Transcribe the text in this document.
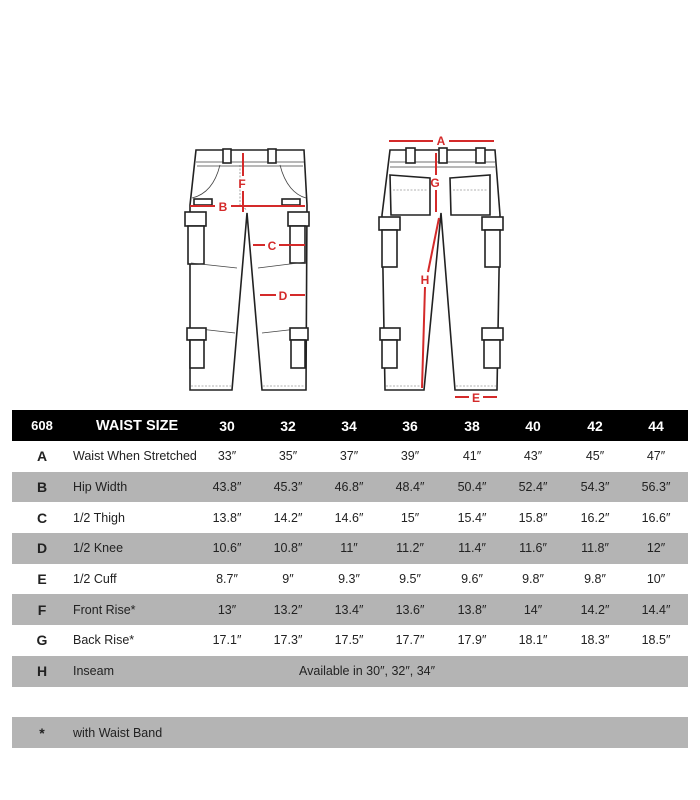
A
B
C
D
E
F	G
H
608	WAIST SIZE	30	32	34	36	38	40	42	44
A	Waist When Stretched	33″	35″	37″	39″	41″	43″	45″	47″
B	Hip Width	43.8″	45.3″	46.8″	48.4″	50.4″	52.4″	54.3″	56.3″
C	1/2 Thigh	13.8″	14.2″	14.6″	15″	15.4″	15.8″	16.2″	16.6″
D	1/2 Knee	10.6″	10.8″	11″	11.2″	11.4″	11.6″	11.8″	12″
E	1/2 Cuff	8.7″	9″	9.3″	9.5″	9.6″	9.8″	9.8″	10″
F	Front Rise*	13″	13.2″	13.4″	13.6″	13.8″	14″	14.2″	14.4″
G	Back Rise*	17.1″	17.3″	17.5″	17.7″	17.9″	18.1″	18.3″	18.5″
H	Inseam	Available in 30″, 32″, 34″
*	with Waist Band
